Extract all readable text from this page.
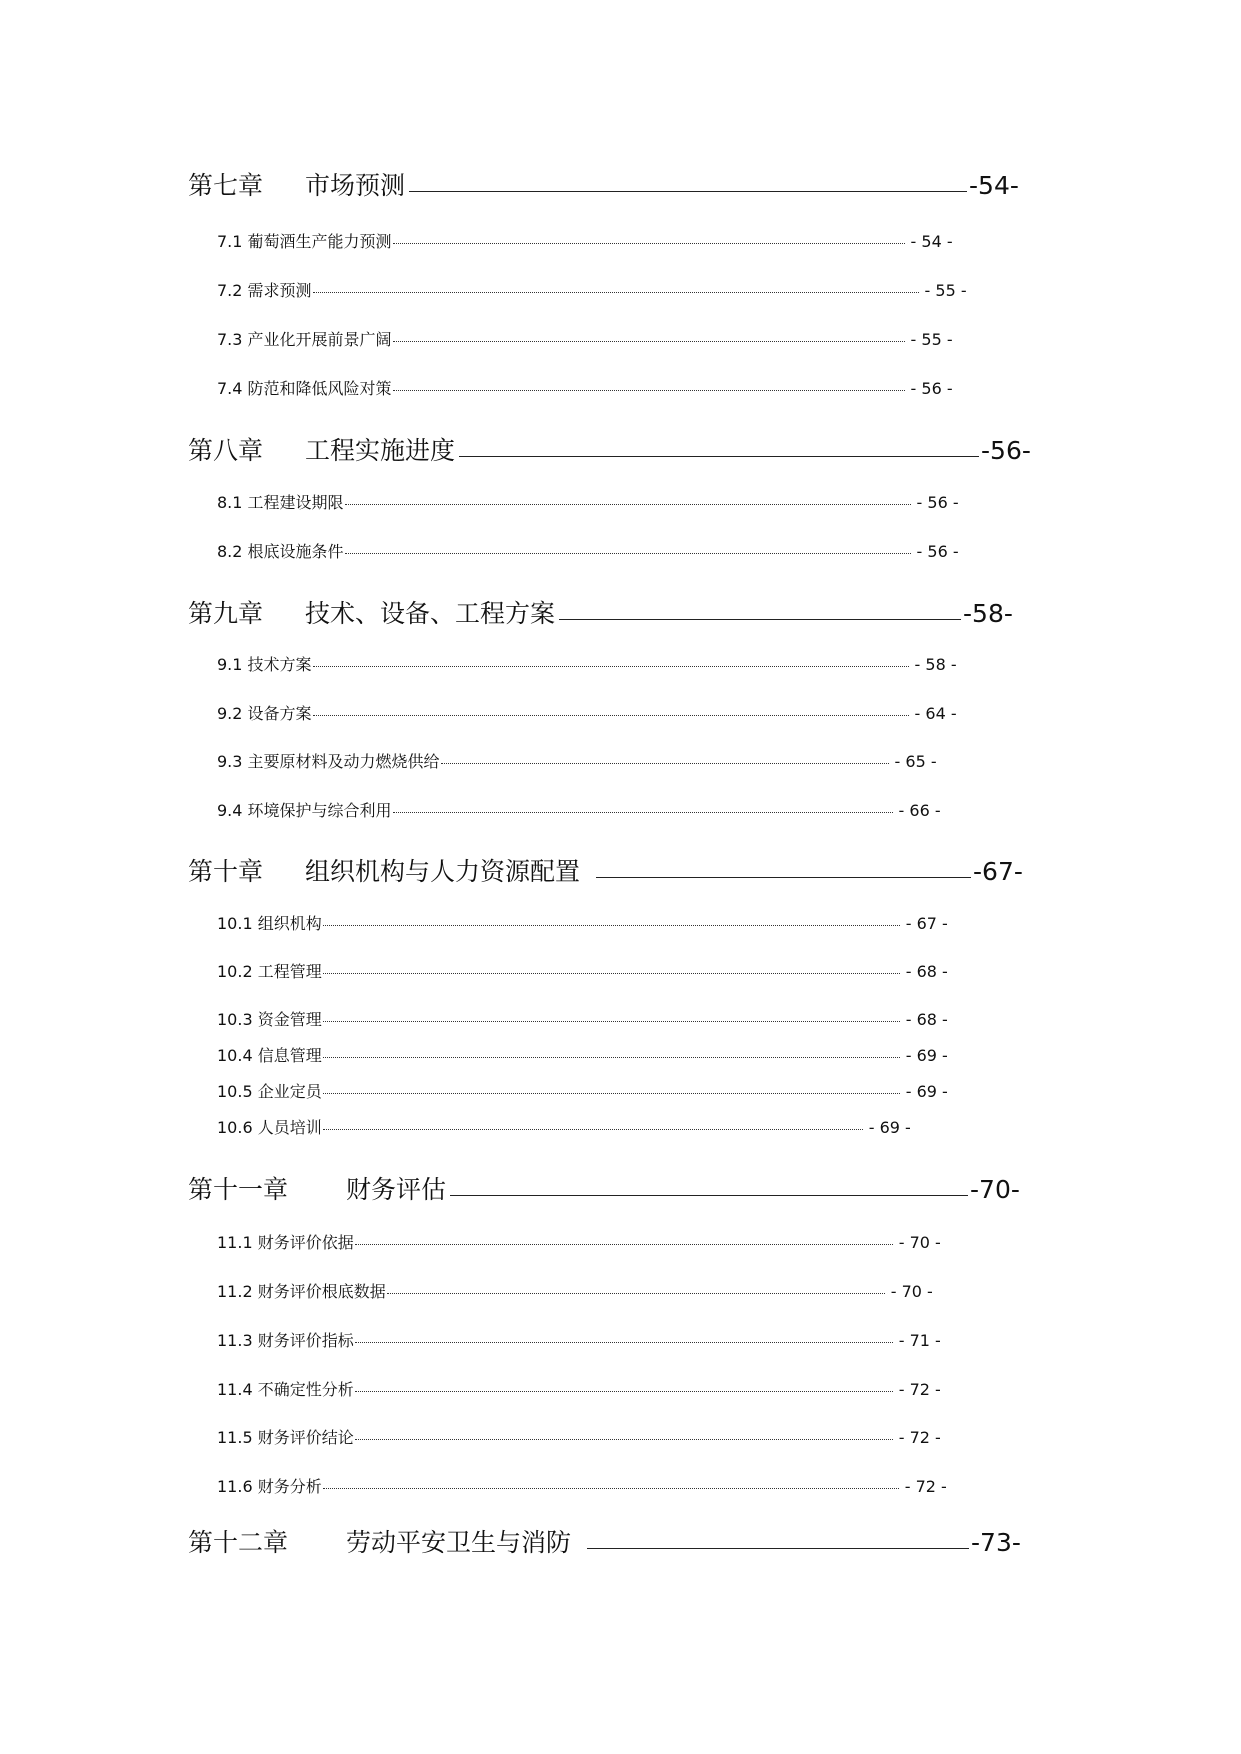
第七章	市场预测	-54-
7.1 葡萄酒生产能力预测	- 54 -
7.2 需求预测	- 55 -
7.3 产业化开展前景广阔	- 55 -
7.4 防范和降低风险对策	- 56 -
第八章	工程实施进度	-56-
8.1 工程建设期限	- 56 -
8.2 根底设施条件	- 56 -
第九章	技术、设备、工程方案	-58-
9.1 技术方案	- 58 -
9.2 设备方案	- 64 -
9.3 主要原材料及动力燃烧供给	- 65 -
9.4 环境保护与综合利用	- 66 -
第十章	组织机构与人力资源配置	-67-
10.1 组织机构	- 67 -
10.2 工程管理	- 68 -
10.3 资金管理	- 68 -
10.4 信息管理	- 69 -
10.5 企业定员	- 69 -
10.6 人员培训	- 69 -
第十一章	财务评估	-70-
11.1 财务评价依据	- 70 -
11.2 财务评价根底数据	- 70 -
11.3 财务评价指标	- 71 -
11.4 不确定性分析	- 72 -
11.5 财务评价结论	- 72 -
11.6 财务分析	- 72 -
第十二章	劳动平安卫生与消防	-73-
